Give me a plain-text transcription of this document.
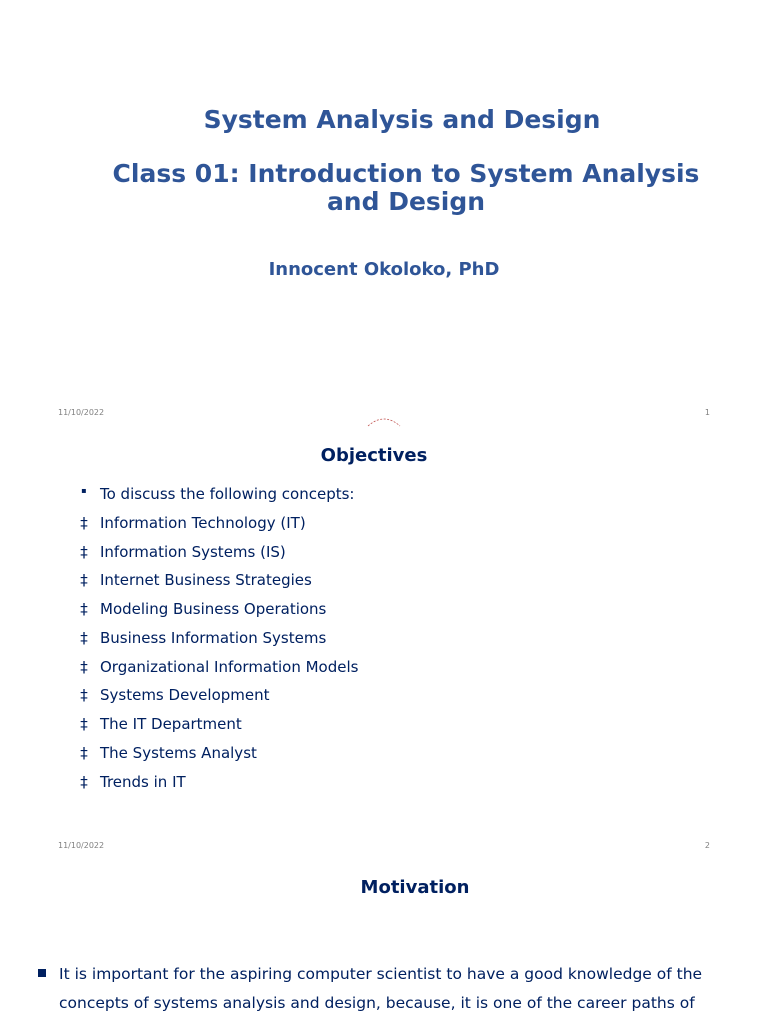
System Analysis and Design
Class 01: Introduction to System Analysis and Design
Innocent Okoloko, PhD
11/10/2022	1
Objectives
▪ To discuss the following concepts:
‡ Information Technology (IT)
‡ Information Systems (IS)
‡ Internet Business Strategies
‡ Modeling Business Operations
‡ Business Information Systems
‡ Organizational Information Models
‡ Systems Development
‡ The IT Department
‡ The Systems Analyst
‡ Trends in IT
11/10/2022	2
Motivation
It is important for the aspiring computer scientist to have a good knowledge of the concepts of systems analysis and design, because, it is one of the career paths of
